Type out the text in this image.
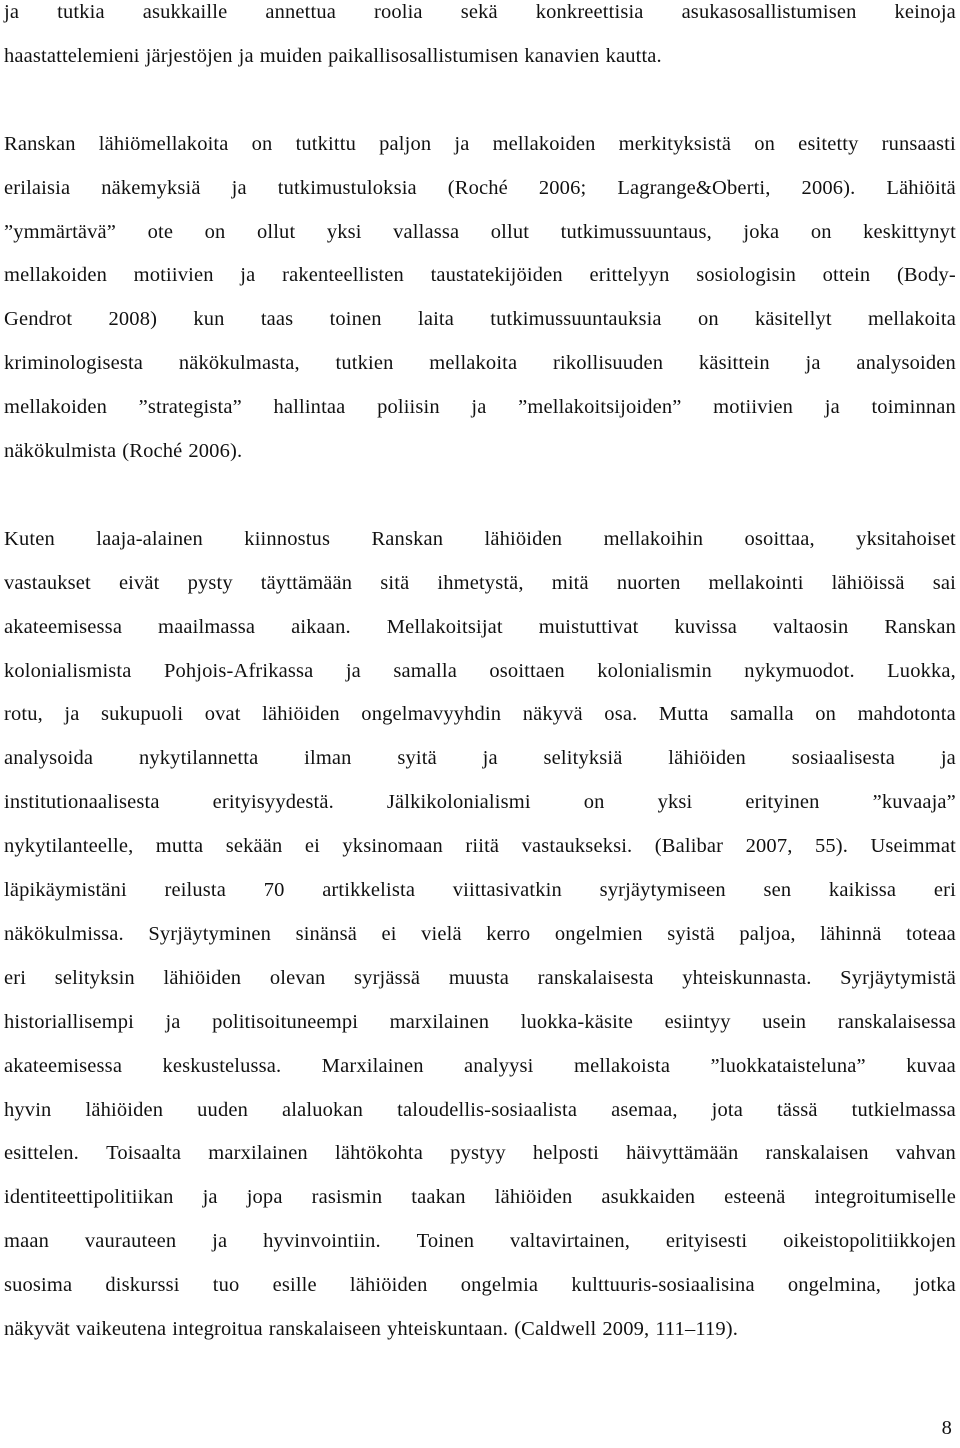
ja tutkia asukkaille annettua roolia sekä konkreettisia asukasosallistumisen keinoja
haastattelemieni järjestöjen ja muiden paikallisosallistumisen kanavien kautta.
Ranskan lähiömellakoita on tutkittu paljon ja mellakoiden merkityksistä on esitetty runsaasti
erilaisia näkemyksiä ja tutkimustuloksia (Roché 2006; Lagrange&Oberti, 2006). Lähiöitä
”ymmärtävä” ote on ollut yksi vallassa ollut tutkimussuuntaus, joka on keskittynyt
mellakoiden motiivien ja rakenteellisten taustatekijöiden erittelyyn sosiologisin ottein (Body-
Gendrot 2008) kun taas toinen laita tutkimussuuntauksia on käsitellyt mellakoita
kriminologisesta näkökulmasta, tutkien mellakoita rikollisuuden käsittein ja analysoiden
mellakoiden ”strategista” hallintaa poliisin ja ”mellakoitsijoiden” motiivien ja toiminnan
näkökulmista (Roché 2006).
Kuten laaja-alainen kiinnostus Ranskan lähiöiden mellakoihin osoittaa, yksitahoiset
vastaukset eivät pysty täyttämään sitä ihmetystä, mitä nuorten mellakointi lähiöissä sai
akateemisessa maailmassa aikaan. Mellakoitsijat muistuttivat kuvissa valtaosin Ranskan
kolonialismista Pohjois-Afrikassa ja samalla osoittaen kolonialismin nykymuodot. Luokka,
rotu, ja sukupuoli ovat lähiöiden ongelmavyyhdin näkyvä osa. Mutta samalla on mahdotonta
analysoida nykytilannetta ilman syitä ja selityksiä lähiöiden sosiaalisesta ja
institutionaalisesta	erityisyydestä.	Jälkikolonialismi	on	yksi	erityinen	”kuvaaja”
nykytilanteelle, mutta sekään ei yksinomaan riitä vastaukseksi. (Balibar 2007, 55). Useimmat
läpikäymistäni reilusta 70 artikkelista viittasivatkin syrjäytymiseen sen kaikissa eri
näkökulmissa. Syrjäytyminen sinänsä ei vielä kerro ongelmien syistä paljoa, lähinnä toteaa
eri selityksin lähiöiden olevan syrjässä muusta ranskalaisesta yhteiskunnasta. Syrjäytymistä
historiallisempi ja politisoituneempi marxilainen luokka-käsite esiintyy usein ranskalaisessa
akateemisessa keskustelussa. Marxilainen analyysi mellakoista ”luokkataisteluna” kuvaa
hyvin lähiöiden uuden alaluokan taloudellis-sosiaalista asemaa, jota tässä tutkielmassa
esittelen. Toisaalta marxilainen lähtökohta pystyy helposti häivyttämään ranskalaisen vahvan
identiteettipolitiikan ja jopa rasismin taakan lähiöiden asukkaiden esteenä integroitumiselle
maan vaurauteen ja hyvinvointiin. Toinen valtavirtainen, erityisesti oikeistopolitiikkojen
suosima diskurssi tuo esille lähiöiden ongelmia kulttuuris-sosiaalisina ongelmina, jotka
näkyvät vaikeutena integroitua ranskalaiseen yhteiskuntaan. (Caldwell 2009, 111–119).
8
